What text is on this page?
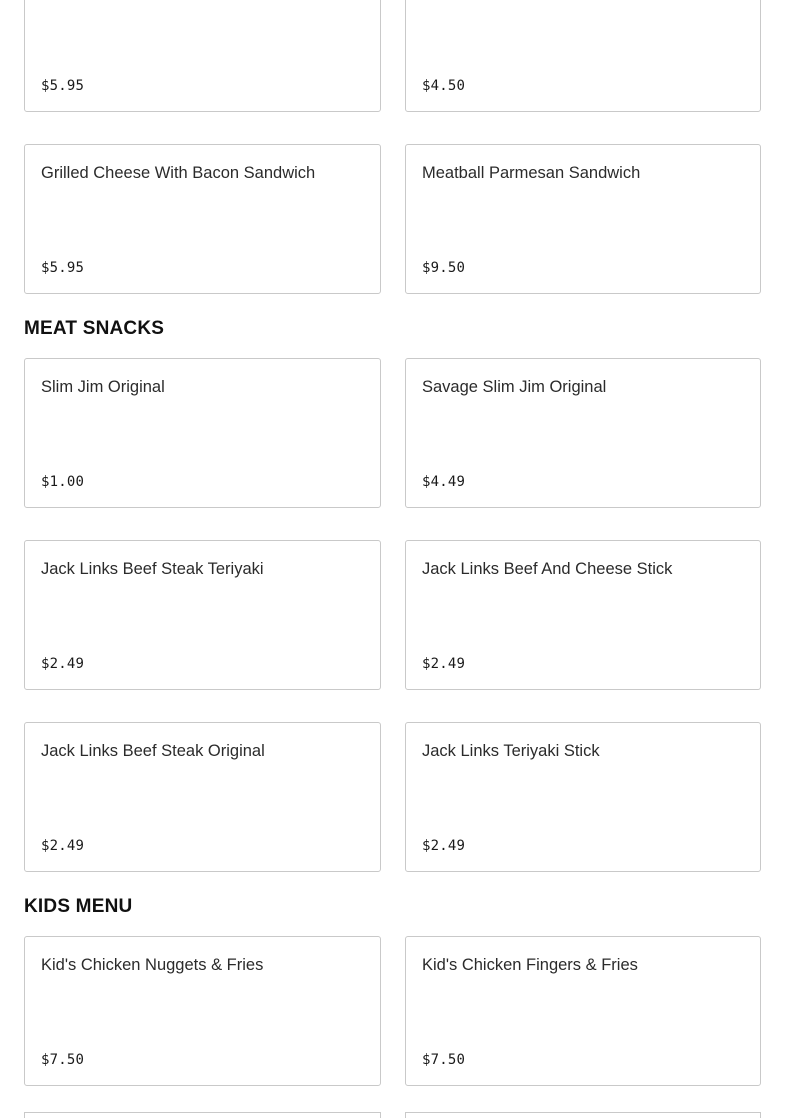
$5.95	$4.50
Grilled Cheese With Bacon Sandwich
$5.95
Meatball Parmesan Sandwich
$9.50
MEAT SNACKS
Slim Jim Original
$1.00
Savage Slim Jim Original
$4.49
Jack Links Beef Steak Teriyaki
$2.49
Jack Links Beef And Cheese Stick
$2.49
Jack Links Beef Steak Original
$2.49
Jack Links Teriyaki Stick
$2.49
KIDS MENU
Kid's Chicken Nuggets & Fries
$7.50
Kid's Chicken Fingers & Fries
$7.50
